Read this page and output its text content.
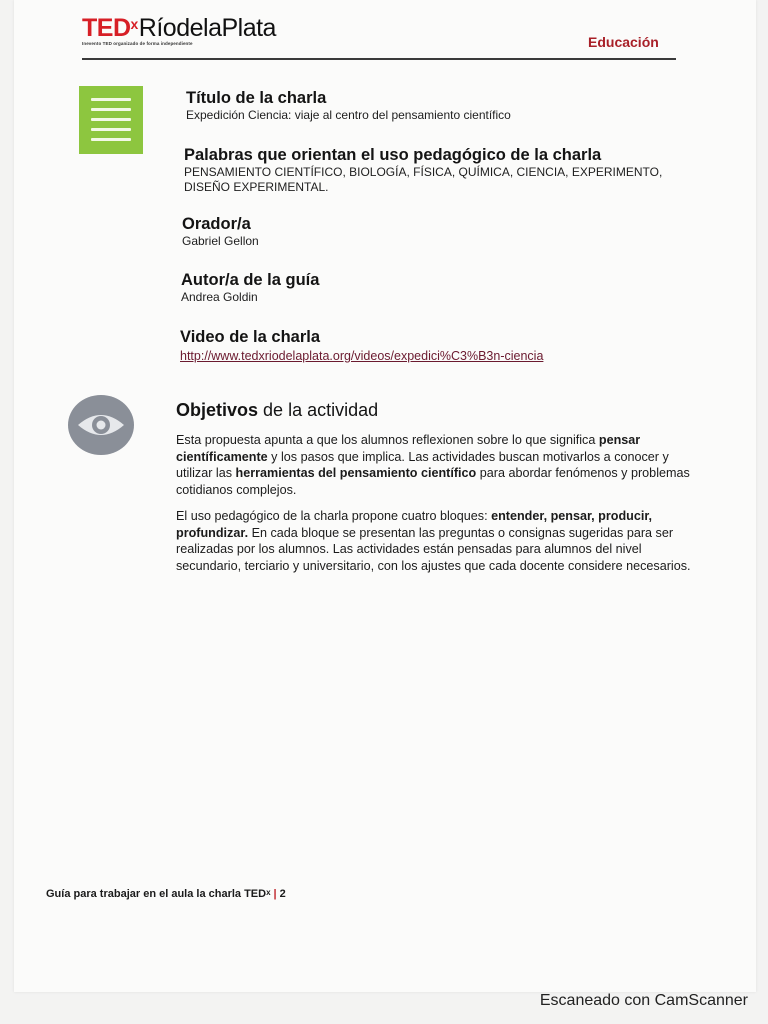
TED$^x$RíodelaPlata
Inevento TED organizado de forma independiente	Educación
Título de la charla
Expedición Ciencia: viaje al centro del pensamiento científico
Palabras que orientan el uso pedagógico de la charla
PENSAMIENTO CIENTÍFICO, BIOLOGÍA, FÍSICA, QUÍMICA, CIENCIA, EXPERIMENTO, DISEÑO EXPERIMENTAL.
Orador/a
Gabriel Gellon
Autor/a de la guía
Andrea Goldin
Video de la charla
http://www.tedxriodelaplata.org/videos/expedici%C3%B3n-ciencia
Objetivos de la actividad

Esta propuesta apunta a que los alumnos reflexionen sobre lo que significa pensar científicamente y los pasos que implica. Las actividades buscan motivarlos a conocer y utilizar las herramientas del pensamiento científico para abordar fenómenos y problemas cotidianos complejos.

El uso pedagógico de la charla propone cuatro bloques: entender, pensar, producir, profundizar. En cada bloque se presentan las preguntas o consignas sugeridas para ser realizadas por los alumnos. Las actividades están pensadas para alumnos del nivel secundario, terciario y universitario, con los ajustes que cada docente considere necesarios.

Guía para trabajar en el aula la charla TED$^x$ | 2
Escaneado con CamScanner
